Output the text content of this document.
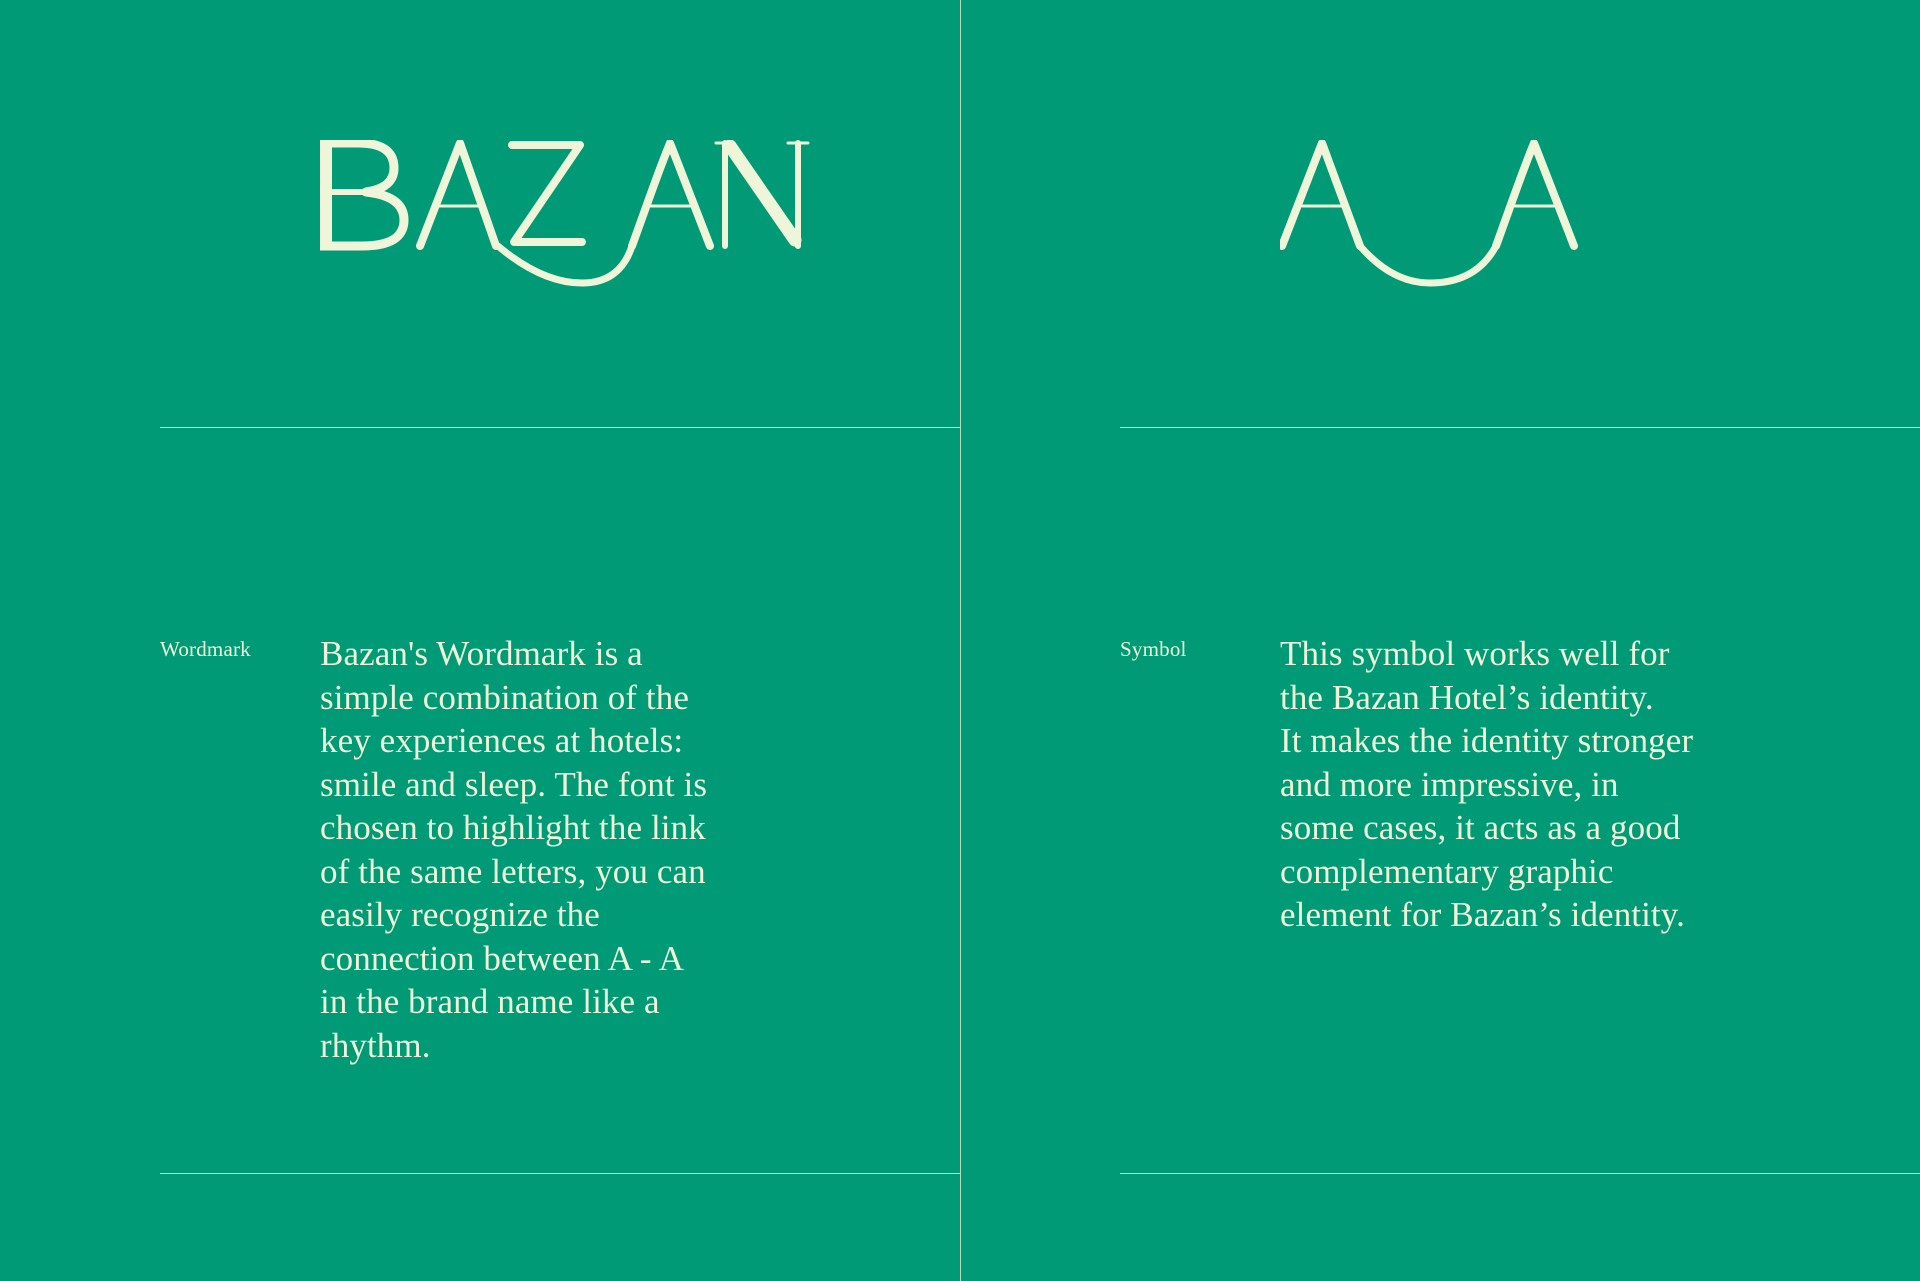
Wordmark Bazan's Wordmark is a
simple combination of the
key experiences at hotels:
smile and sleep. The font is
chosen to highlight the link
of the same letters, you can
easily recognize the
connection between A - A
in the brand name like a
rhythm.

Symbol	This symbol works well for
the Bazan Hotel’s identity.
It makes the identity stronger
and more impressive, in
some cases, it acts as a good
complementary graphic
element for Bazan’s identity.
